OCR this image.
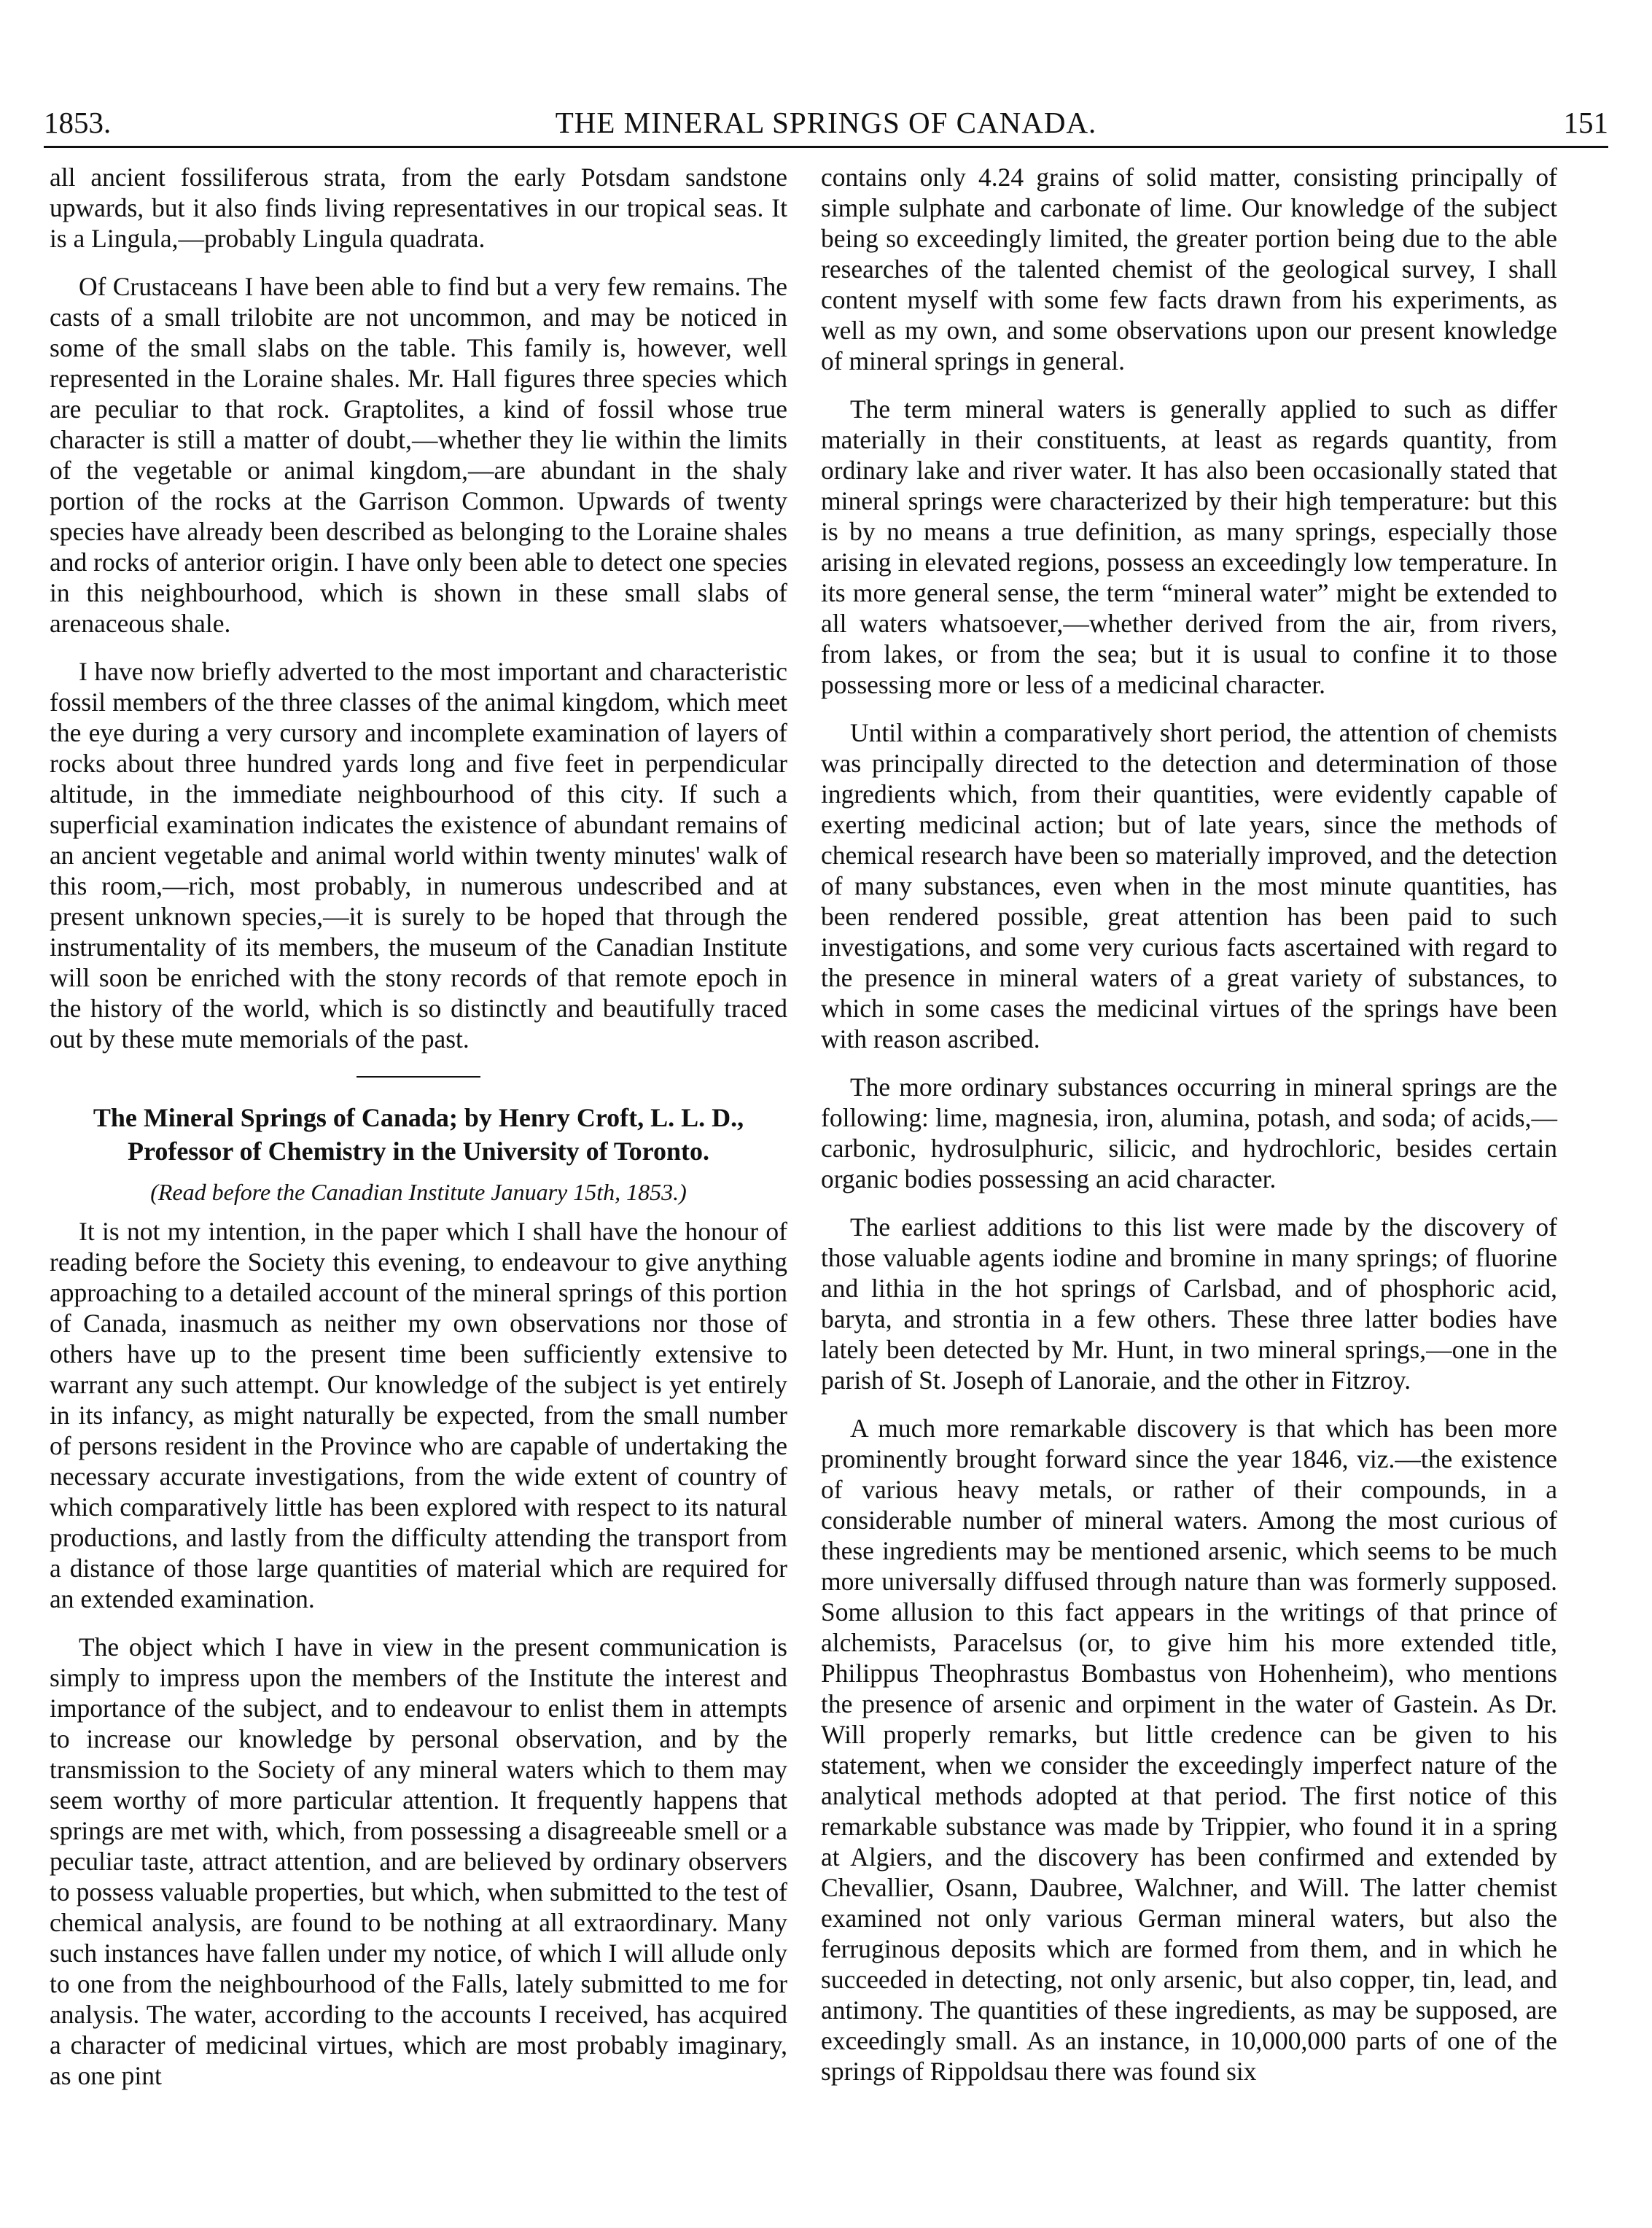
1853.	THE MINERAL SPRINGS OF CANADA.	151

all ancient fossiliferous strata, from the early Potsdam sandstone upwards, but it also finds living representatives in our tropical seas. It is a Lingula,—probably Lingula quadrata.

Of Crustaceans I have been able to find but a very few remains. The casts of a small trilobite are not uncommon, and may be noticed in some of the small slabs on the table. This family is, however, well represented in the Loraine shales. Mr. Hall figures three species which are peculiar to that rock. Graptolites, a kind of fossil whose true character is still a matter of doubt,—whether they lie within the limits of the vegetable or animal kingdom,—are abundant in the shaly portion of the rocks at the Garrison Common. Upwards of twenty species have already been described as belonging to the Loraine shales and rocks of anterior origin. I have only been able to detect one species in this neighbourhood, which is shown in these small slabs of arenaceous shale.

I have now briefly adverted to the most important and characteristic fossil members of the three classes of the animal kingdom, which meet the eye during a very cursory and incomplete examination of layers of rocks about three hundred yards long and five feet in perpendicular altitude, in the immediate neighbourhood of this city. If such a superficial examination indicates the existence of abundant remains of an ancient vegetable and animal world within twenty minutes' walk of this room,—rich, most probably, in numerous undescribed and at present unknown species,—it is surely to be hoped that through the instrumentality of its members, the museum of the Canadian Institute will soon be enriched with the stony records of that remote epoch in the history of the world, which is so distinctly and beautifully traced out by these mute memorials of the past.

The Mineral Springs of Canada; by Henry Croft, L. L. D., Professor of Chemistry in the University of Toronto.
(Read before the Canadian Institute January 15th, 1853.)

It is not my intention, in the paper which I shall have the honour of reading before the Society this evening, to endeavour to give anything approaching to a detailed account of the mineral springs of this portion of Canada, inasmuch as neither my own observations nor those of others have up to the present time been sufficiently extensive to warrant any such attempt. Our knowledge of the subject is yet entirely in its infancy, as might naturally be expected, from the small number of persons resident in the Province who are capable of undertaking the necessary accurate investigations, from the wide extent of country of which comparatively little has been explored with respect to its natural productions, and lastly from the difficulty attending the transport from a distance of those large quantities of material which are required for an extended examination.

The object which I have in view in the present communication is simply to impress upon the members of the Institute the interest and importance of the subject, and to endeavour to enlist them in attempts to increase our knowledge by personal observation, and by the transmission to the Society of any mineral waters which to them may seem worthy of more particular attention. It frequently happens that springs are met with, which, from possessing a disagreeable smell or a peculiar taste, attract attention, and are believed by ordinary observers to possess valuable properties, but which, when submitted to the test of chemical analysis, are found to be nothing at all extraordinary. Many such instances have fallen under my notice, of which I will allude only to one from the neighbourhood of the Falls, lately submitted to me for analysis. The water, according to the accounts I received, has acquired a character of medicinal virtues, which are most probably imaginary, as one pint

contains only 4.24 grains of solid matter, consisting principally of simple sulphate and carbonate of lime. Our knowledge of the subject being so exceedingly limited, the greater portion being due to the able researches of the talented chemist of the geological survey, I shall content myself with some few facts drawn from his experiments, as well as my own, and some observations upon our present knowledge of mineral springs in general.

The term mineral waters is generally applied to such as differ materially in their constituents, at least as regards quantity, from ordinary lake and river water. It has also been occasionally stated that mineral springs were characterized by their high temperature: but this is by no means a true definition, as many springs, especially those arising in elevated regions, possess an exceedingly low temperature. In its more general sense, the term “mineral water” might be extended to all waters whatsoever,—whether derived from the air, from rivers, from lakes, or from the sea; but it is usual to confine it to those possessing more or less of a medicinal character.

Until within a comparatively short period, the attention of chemists was principally directed to the detection and determination of those ingredients which, from their quantities, were evidently capable of exerting medicinal action; but of late years, since the methods of chemical research have been so materially improved, and the detection of many substances, even when in the most minute quantities, has been rendered possible, great attention has been paid to such investigations, and some very curious facts ascertained with regard to the presence in mineral waters of a great variety of substances, to which in some cases the medicinal virtues of the springs have been with reason ascribed.

The more ordinary substances occurring in mineral springs are the following: lime, magnesia, iron, alumina, potash, and soda; of acids,—carbonic, hydrosulphuric, silicic, and hydrochloric, besides certain organic bodies possessing an acid character.

The earliest additions to this list were made by the discovery of those valuable agents iodine and bromine in many springs; of fluorine and lithia in the hot springs of Carlsbad, and of phosphoric acid, baryta, and strontia in a few others. These three latter bodies have lately been detected by Mr. Hunt, in two mineral springs,—one in the parish of St. Joseph of Lanoraie, and the other in Fitzroy.

A much more remarkable discovery is that which has been more prominently brought forward since the year 1846, viz.—the existence of various heavy metals, or rather of their compounds, in a considerable number of mineral waters. Among the most curious of these ingredients may be mentioned arsenic, which seems to be much more universally diffused through nature than was formerly supposed. Some allusion to this fact appears in the writings of that prince of alchemists, Paracelsus (or, to give him his more extended title, Philippus Theophrastus Bombastus von Hohenheim), who mentions the presence of arsenic and orpiment in the water of Gastein. As Dr. Will properly remarks, but little credence can be given to his statement, when we consider the exceedingly imperfect nature of the analytical methods adopted at that period. The first notice of this remarkable substance was made by Trippier, who found it in a spring at Algiers, and the discovery has been confirmed and extended by Chevallier, Osann, Daubree, Walchner, and Will. The latter chemist examined not only various German mineral waters, but also the ferruginous deposits which are formed from them, and in which he succeeded in detecting, not only arsenic, but also copper, tin, lead, and antimony. The quantities of these ingredients, as may be supposed, are exceedingly small. As an instance, in 10,000,000 parts of one of the springs of Rippoldsau there was found six
